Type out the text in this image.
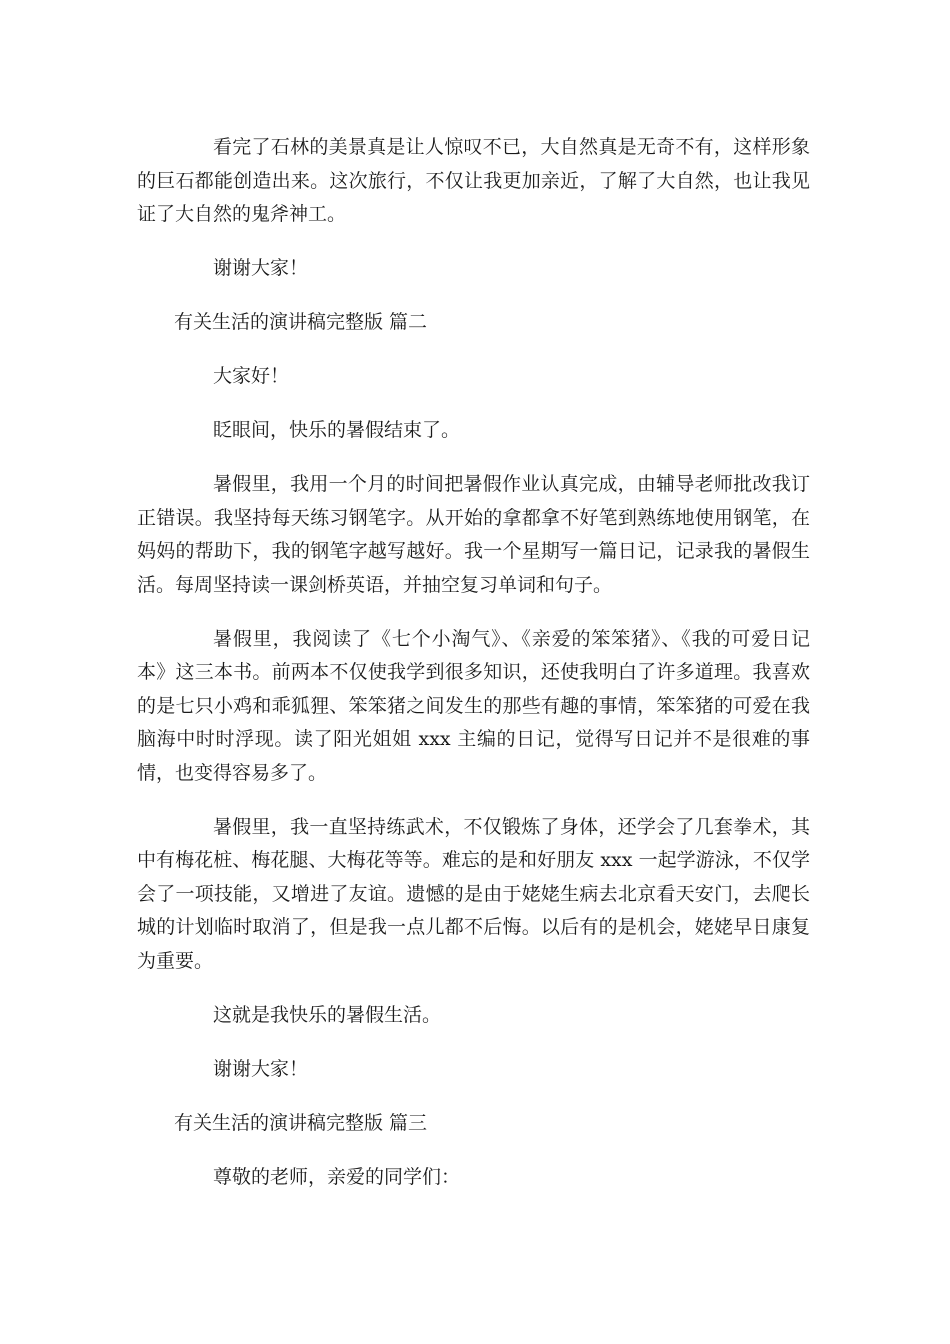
看完了石林的美景真是让人惊叹不已，大自然真是无奇不有，这样形象的巨石都能创造出来。这次旅行，不仅让我更加亲近，了解了大自然，也让我见证了大自然的鬼斧神工。

谢谢大家！

有关生活的演讲稿完整版 篇二

大家好！

眨眼间，快乐的暑假结束了。

暑假里，我用一个月的时间把暑假作业认真完成，由辅导老师批改我订正错误。我坚持每天练习钢笔字。从开始的拿都拿不好笔到熟练地使用钢笔，在妈妈的帮助下，我的钢笔字越写越好。我一个星期写一篇日记，记录我的暑假生活。每周坚持读一课剑桥英语，并抽空复习单词和句子。

暑假里，我阅读了《七个小淘气》、《亲爱的笨笨猪》、《我的可爱日记本》这三本书。前两本不仅使我学到很多知识，还使我明白了许多道理。我喜欢的是七只小鸡和乖狐狸、笨笨猪之间发生的那些有趣的事情，笨笨猪的可爱在我脑海中时时浮现。读了阳光姐姐 xxx 主编的日记，觉得写日记并不是很难的事情，也变得容易多了。

暑假里，我一直坚持练武术，不仅锻炼了身体，还学会了几套拳术，其中有梅花桩、梅花腿、大梅花等等。难忘的是和好朋友 xxx 一起学游泳，不仅学会了一项技能，又增进了友谊。遗憾的是由于姥姥生病去北京看天安门，去爬长城的计划临时取消了，但是我一点儿都不后悔。以后有的是机会，姥姥早日康复为重要。

这就是我快乐的暑假生活。

谢谢大家！

有关生活的演讲稿完整版 篇三

尊敬的老师，亲爱的同学们：
